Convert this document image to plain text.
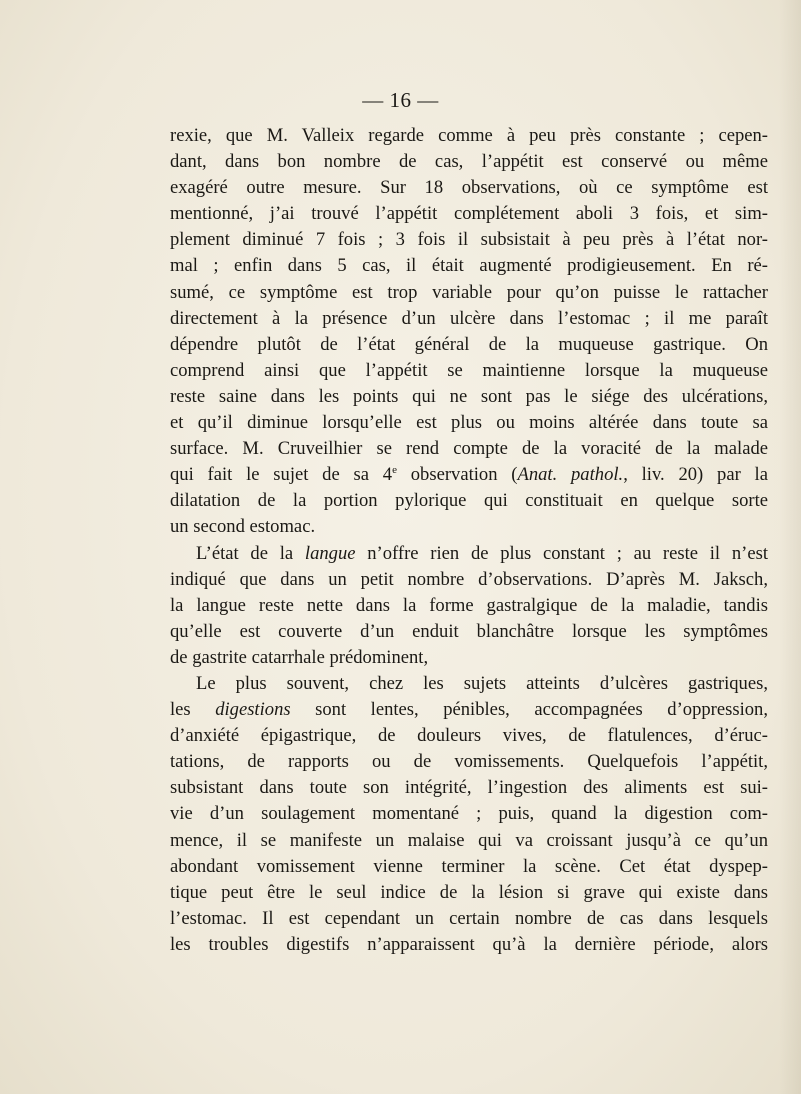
— 16 —
rexie, que M. Valleix regarde comme à peu près constante ; cepen-
dant, dans bon nombre de cas, l’appétit est conservé ou même
exagéré outre mesure. Sur 18 observations, où ce symptôme est
mentionné, j’ai trouvé l’appétit complétement aboli 3 fois, et sim-
plement diminué 7 fois ; 3 fois il subsistait à peu près à l’état nor-
mal ; enfin dans 5 cas, il était augmenté prodigieusement. En ré-
sumé, ce symptôme est trop variable pour qu’on puisse le rattacher
directement à la présence d’un ulcère dans l’estomac ; il me paraît
dépendre plutôt de l’état général de la muqueuse gastrique. On
comprend ainsi que l’appétit se maintienne lorsque la muqueuse
reste saine dans les points qui ne sont pas le siége des ulcérations,
et qu’il diminue lorsqu’elle est plus ou moins altérée dans toute sa
surface. M. Cruveilhier se rend compte de la voracité de la malade
qui fait le sujet de sa 4e observation (Anat. pathol., liv. 20) par la
dilatation de la portion pylorique qui constituait en quelque sorte
un second estomac.
L’état de la langue n’offre rien de plus constant ; au reste il n’est
indiqué que dans un petit nombre d’observations. D’après M. Jaksch,
la langue reste nette dans la forme gastralgique de la maladie, tandis
qu’elle est couverte d’un enduit blanchâtre lorsque les symptômes
de gastrite catarrhale prédominent,
Le plus souvent, chez les sujets atteints d’ulcères gastriques,
les digestions sont lentes, pénibles, accompagnées d’oppression,
d’anxiété épigastrique, de douleurs vives, de flatulences, d’éruc-
tations, de rapports ou de vomissements. Quelquefois l’appétit,
subsistant dans toute son intégrité, l’ingestion des aliments est sui-
vie d’un soulagement momentané ; puis, quand la digestion com-
mence, il se manifeste un malaise qui va croissant jusqu’à ce qu’un
abondant vomissement vienne terminer la scène. Cet état dyspep-
tique peut être le seul indice de la lésion si grave qui existe dans
l’estomac. Il est cependant un certain nombre de cas dans lesquels
les troubles digestifs n’apparaissent qu’à la dernière période, alors
